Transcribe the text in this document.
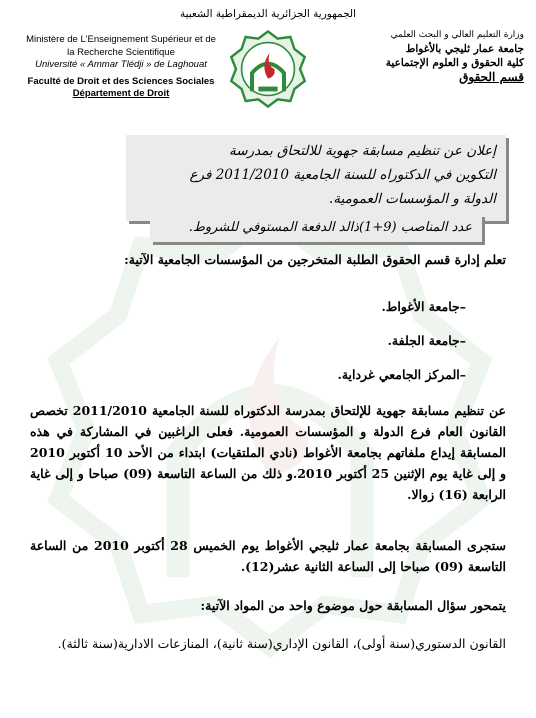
الجمهورية الجزائرية الديمقراطية الشعبية
Ministère de L'Enseignement Supérieur et de
la Recherche Scientifique
Université « Ammar Tlédji » de Laghouat
Faculté de Droit et des Sciences Sociales
Département de Droit
وزارة التعليم العالي و البحث العلمي
جامعة عمار ثليجي بالأغواط
كلية الحقوق و العلوم الإجتماعية
قسم الحقوق
إعلان عن تنظيم مسابقة جهوية للالتحاق بمدرسة
التكوين في الدكتوراه للسنة الجامعية 2011/2010 فرع
الدولة و المؤسسات العمومية.
عدد المناصب (9+1)ذالد الدفعة المستوفي للشروط.
تعلم إدارة قسم الحقوق الطلبة المتخرجين من المؤسسات الجامعية الآتية:
–جامعة الأغواط.
–جامعة الجلفة.
–المركز الجامعي غرداية.
عن تنظيم مسابقة جهوية للإلتحاق بمدرسة الدكتوراه للسنة الجامعية 2011/2010 تخصص القانون العام فرع الدولة و المؤسسات العمومية. فعلى الراغبين في المشاركة في هذه المسابقة إيداع ملفاتهم بجامعة الأغواط (نادي الملتقيات) ابتداء من الأحد 10 أكتوبر 2010 و إلى غاية يوم الإثنين 25 أكتوبر 2010.و ذلك من الساعة التاسعة (09) صباحا و إلى غاية الرابعة (16) زوالا.
ستجرى المسابقة بجامعة عمار ثليجي الأغواط يوم الخميس 28 أكتوبر 2010 من الساعة التاسعة (09) صباحا إلى الساعة الثانية عشر(12).
يتمحور سؤال المسابقة حول موضوع واحد من المواد الآتية:
القانون الدستوري(سنة أولى)، القانون الإداري(سنة ثانية)، المنازعات الادارية(سنة ثالثة).
